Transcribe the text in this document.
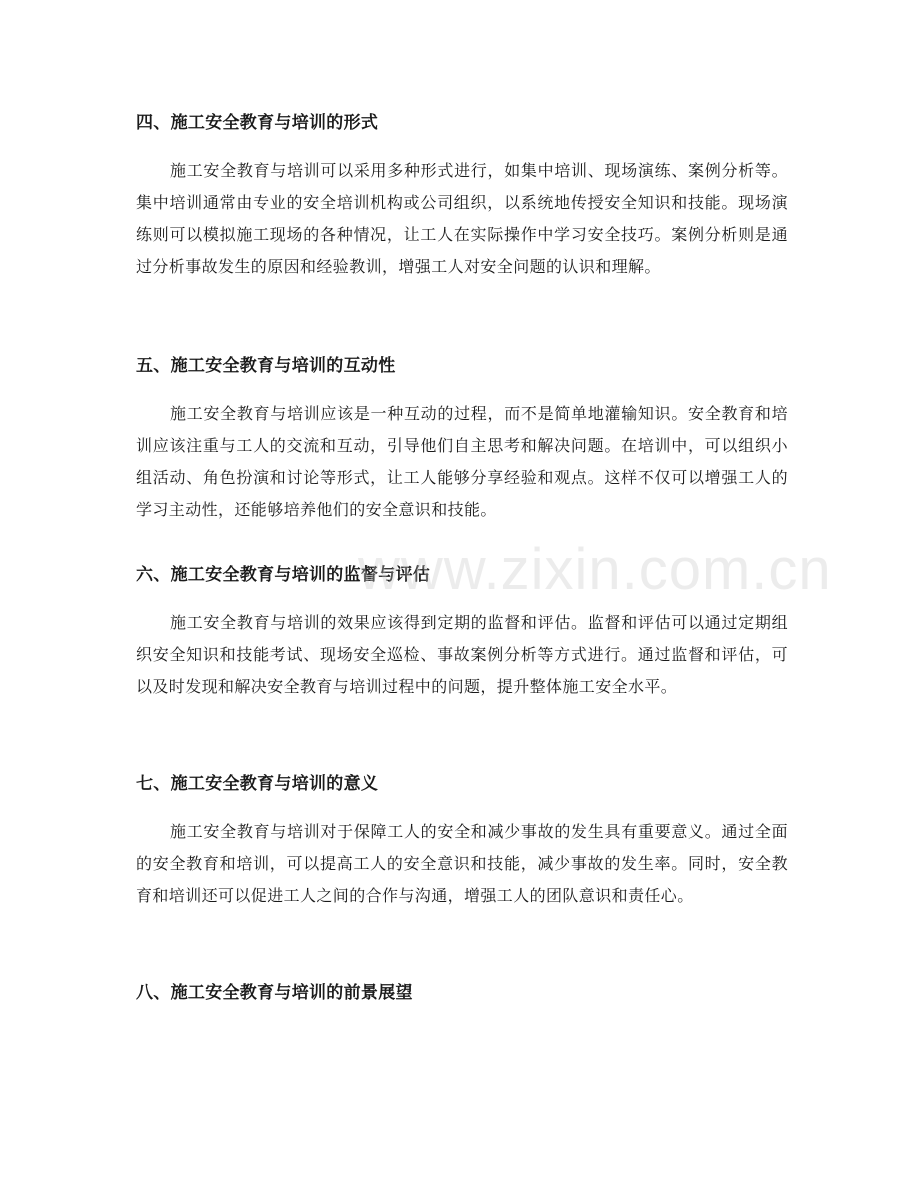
四、施工安全教育与培训的形式

施工安全教育与培训可以采用多种形式进行，如集中培训、现场演练、案例分析等。集中培训通常由专业的安全培训机构或公司组织，以系统地传授安全知识和技能。现场演练则可以模拟施工现场的各种情况，让工人在实际操作中学习安全技巧。案例分析则是通过分析事故发生的原因和经验教训，增强工人对安全问题的认识和理解。

五、施工安全教育与培训的互动性

施工安全教育与培训应该是一种互动的过程，而不是简单地灌输知识。安全教育和培训应该注重与工人的交流和互动，引导他们自主思考和解决问题。在培训中，可以组织小组活动、角色扮演和讨论等形式，让工人能够分享经验和观点。这样不仅可以增强工人的学习主动性，还能够培养他们的安全意识和技能。

六、施工安全教育与培训的监督与评估

施工安全教育与培训的效果应该得到定期的监督和评估。监督和评估可以通过定期组织安全知识和技能考试、现场安全巡检、事故案例分析等方式进行。通过监督和评估，可以及时发现和解决安全教育与培训过程中的问题，提升整体施工安全水平。

七、施工安全教育与培训的意义

施工安全教育与培训对于保障工人的安全和减少事故的发生具有重要意义。通过全面的安全教育和培训，可以提高工人的安全意识和技能，减少事故的发生率。同时，安全教育和培训还可以促进工人之间的合作与沟通，增强工人的团队意识和责任心。

八、施工安全教育与培训的前景展望
www.zixin.com.cn
